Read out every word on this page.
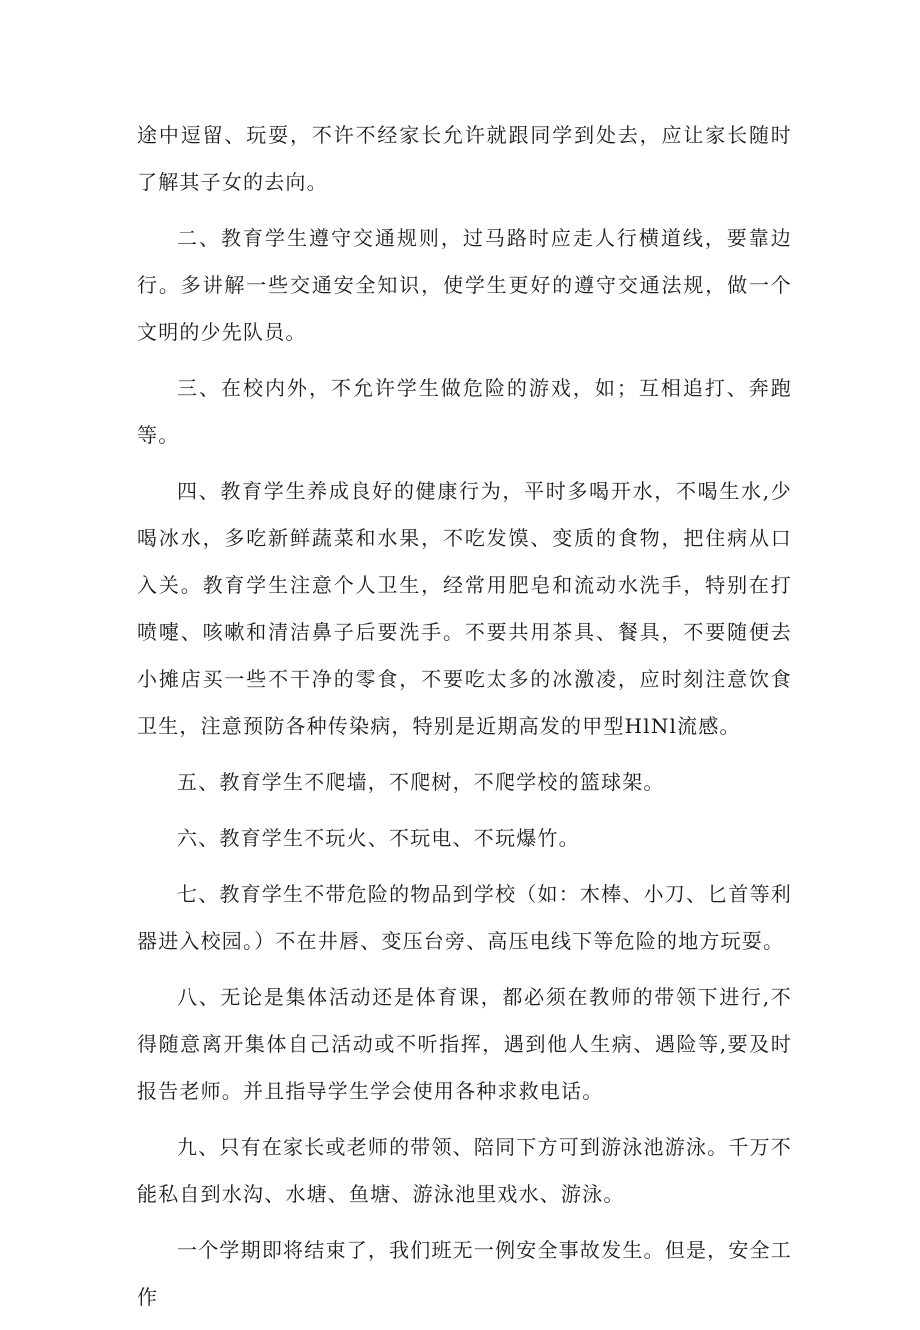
途中逗留、玩耍，不许不经家长允许就跟同学到处去，应让家长随时了解其子女的去向。

二、教育学生遵守交通规则，过马路时应走人行横道线，要靠边行。多讲解一些交通安全知识，使学生更好的遵守交通法规，做一个文明的少先队员。

三、在校内外，不允许学生做危险的游戏，如；互相追打、奔跑等。

四、教育学生养成良好的健康行为，平时多喝开水，不喝生水,少喝冰水，多吃新鲜蔬菜和水果，不吃发馍、变质的食物，把住病从口入关。教育学生注意个人卫生，经常用肥皂和流动水洗手，特别在打喷嚏、咳嗽和清洁鼻子后要洗手。不要共用茶具、餐具，不要随便去小摊店买一些不干净的零食，不要吃太多的冰激凌，应时刻注意饮食卫生，注意预防各种传染病，特别是近期高发的甲型HlNl流感。

五、教育学生不爬墙，不爬树，不爬学校的篮球架。

六、教育学生不玩火、不玩电、不玩爆竹。

七、教育学生不带危险的物品到学校（如：木棒、小刀、匕首等利器进入校园。）不在井唇、变压台旁、高压电线下等危险的地方玩耍。

八、无论是集体活动还是体育课，都必须在教师的带领下进行,不得随意离开集体自己活动或不听指挥，遇到他人生病、遇险等,要及时报告老师。并且指导学生学会使用各种求救电话。

九、只有在家长或老师的带领、陪同下方可到游泳池游泳。千万不能私自到水沟、水塘、鱼塘、游泳池里戏水、游泳。

一个学期即将结束了，我们班无一例安全事故发生。但是，安全工作
